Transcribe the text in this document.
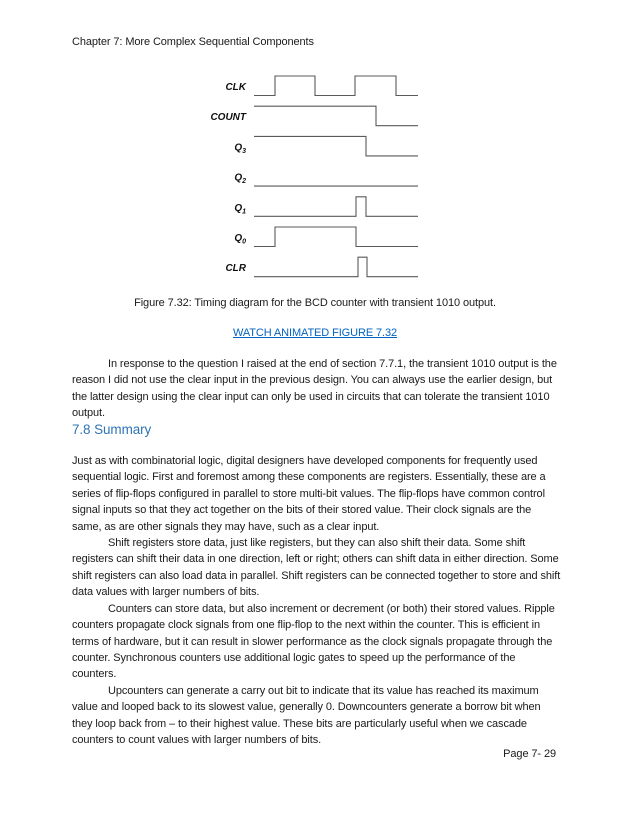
Chapter 7: More Complex Sequential Components
CLK
COUNT
$Q_3$
$Q_2$
$Q_1$
$Q_0$
CLR
Figure 7.32: Timing diagram for the BCD counter with transient 1010 output.
WATCH ANIMATED FIGURE 7.32

In response to the question I raised at the end of section 7.7.1, the transient 1010 output is the reason I did not use the clear input in the previous design. You can always use the earlier design, but the latter design using the clear input can only be used in circuits that can tolerate the transient 1010 output.

7.8 Summary

Just as with combinatorial logic, digital designers have developed components for frequently used sequential logic. First and foremost among these components are registers. Essentially, these are a series of flip-flops configured in parallel to store multi-bit values. The flip-flops have common control signal inputs so that they act together on the bits of their stored value. Their clock signals are the same, as are other signals they may have, such as a clear input.

Shift registers store data, just like registers, but they can also shift their data. Some shift registers can shift their data in one direction, left or right; others can shift data in either direction. Some shift registers can also load data in parallel. Shift registers can be connected together to store and shift data values with larger numbers of bits.

Counters can store data, but also increment or decrement (or both) their stored values. Ripple counters propagate clock signals from one flip-flop to the next within the counter. This is efficient in terms of hardware, but it can result in slower performance as the clock signals propagate through the counter. Synchronous counters use additional logic gates to speed up the performance of the counters.

Upcounters can generate a carry out bit to indicate that its value has reached its maximum value and looped back to its slowest value, generally 0. Downcounters generate a borrow bit when they loop back from – to their highest value. These bits are particularly useful when we cascade counters to count values with larger numbers of bits.

Page 7- 29
